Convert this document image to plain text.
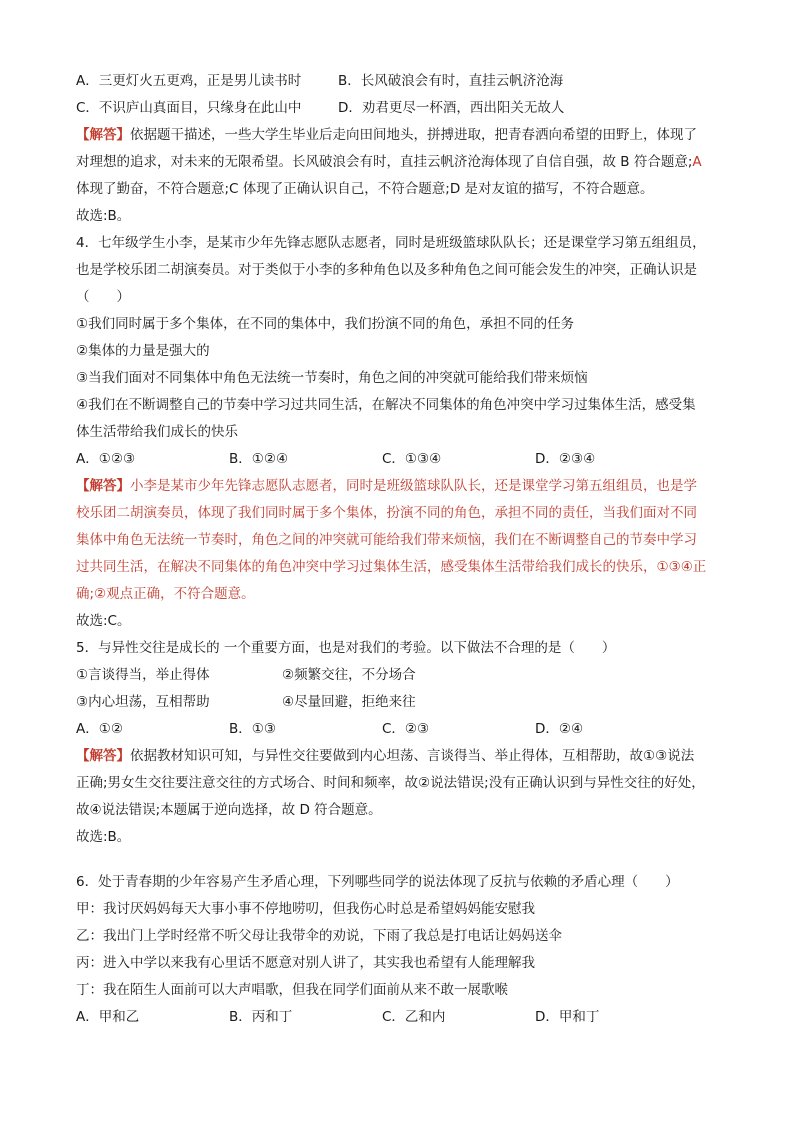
A．三更灯火五更鸡，正是男儿读书时	B．长风破浪会有时，直挂云帆济沧海
C．不识庐山真面目，只缘身在此山中	D．劝君更尽一杯酒，西出阳关无故人
【解答】依据题干描述，一些大学生毕业后走向田间地头，拼搏进取，把青春洒向希望的田野上，体现了
对理想的追求，对未来的无限希望。长风破浪会有时，直挂云帆济沧海体现了自信自强，故 B 符合题意;A
体现了勤奋，不符合题意;C 体现了正确认识自己，不符合题意;D 是对友谊的描写，不符合题意。
故选:B。
4．七年级学生小李，是某市少年先锋志愿队志愿者，同时是班级篮球队队长；还是课堂学习第五组组员，
也是学校乐团二胡演奏员。对于类似于小李的多种角色以及多种角色之间可能会发生的冲突，正确认识是
（　　）
①我们同时属于多个集体，在不同的集体中，我们扮演不同的角色，承担不同的任务
②集体的力量是强大的
③当我们面对不同集体中角色无法统一节奏时，角色之间的冲突就可能给我们带来烦恼
④我们在不断调整自己的节奏中学习过共同生活，在解决不同集体的角色冲突中学习过集体生活，感受集
体生活带给我们成长的快乐
A．①②③	B．①②④	C．①③④	D．②③④
【解答】小李是某市少年先锋志愿队志愿者，同时是班级篮球队队长，还是课堂学习第五组组员，也是学
校乐团二胡演奏员，体现了我们同时属于多个集体，扮演不同的角色，承担不同的责任，当我们面对不同
集体中角色无法统一节奏时，角色之间的冲突就可能给我们带来烦恼，我们在不断调整自己的节奏中学习
过共同生活，在解决不同集体的角色冲突中学习过集体生活，感受集体生活带给我们成长的快乐，①③④正
确;②观点正确，不符合题意。
故选:C。
5．与异性交往是成长的 一个重要方面，也是对我们的考验。以下做法不合理的是（　　）
①言谈得当，举止得体	②频繁交往，不分场合
③内心坦荡，互相帮助	④尽量回避，拒绝来往
A．①②	B．①③	C．②③	D．②④
【解答】依据教材知识可知，与异性交往要做到内心坦荡、言谈得当、举止得体，互相帮助，故①③说法
正确;男女生交往要注意交往的方式场合、时间和频率，故②说法错误;没有正确认识到与异性交往的好处，
故④说法错误;本题属于逆向选择，故 D 符合题意。
故选:B。
6．处于青春期的少年容易产生矛盾心理，下列哪些同学的说法体现了反抗与依赖的矛盾心理（　　）
甲：我讨厌妈妈每天大事小事不停地唠叨，但我伤心时总是希望妈妈能安慰我
乙：我出门上学时经常不听父母让我带伞的劝说，下雨了我总是打电话让妈妈送伞
丙：进入中学以来我有心里话不愿意对别人讲了，其实我也希望有人能理解我
丁：我在陌生人面前可以大声唱歌，但我在同学们面前从来不敢一展歌喉
A．甲和乙	B．丙和丁	C．乙和内	D．甲和丁
